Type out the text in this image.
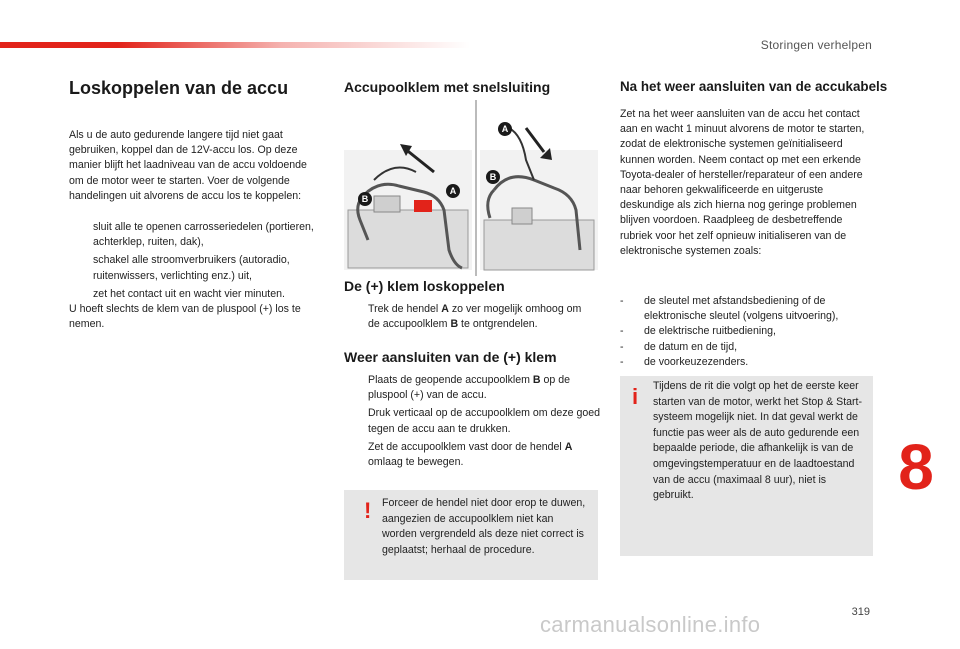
Storingen verhelpen
Loskoppelen van de accu

Als u de auto gedurende langere tijd niet gaat gebruiken, koppel dan de 12V-accu los. Op deze manier blijft het laadniveau van de accu voldoende om de motor weer te starten. Voer de volgende handelingen uit alvorens de accu los te koppelen:

sluit alle te openen carrosseriedelen (portieren, achterklep, ruiten, dak),
schakel alle stroomverbruikers (autoradio, ruitenwissers, verlichting enz.) uit,
zet het contact uit en wacht vier minuten.

U hoeft slechts de klem van de pluspool (+) los te nemen.

Accupoolklem met snelsluiting
A
B
A
B
De (+) klem loskoppelen
Trek de hendel A zo ver mogelijk omhoog om de accupoolklem B te ontgrendelen.
Weer aansluiten van de (+) klem
Plaats de geopende accupoolklem B op de pluspool (+) van de accu.
Druk verticaal op de accupoolklem om deze goed tegen de accu aan te drukken.
Zet de accupoolklem vast door de hendel A omlaag te bewegen.
! Forceer de hendel niet door erop te duwen, aangezien de accupoolklem niet kan worden vergrendeld als deze niet correct is geplaatst; herhaal de procedure.
Na het weer aansluiten van de accukabels

Zet na het weer aansluiten van de accu het contact aan en wacht 1 minuut alvorens de motor te starten, zodat de elektronische systemen geïnitialiseerd kunnen worden. Neem contact op met een erkende Toyota-dealer of hersteller/reparateur of een andere naar behoren gekwalificeerde en uitgeruste deskundige als zich hierna nog geringe problemen blijven voordoen. Raadpleeg de desbetreffende rubriek voor het zelf opnieuw initialiseren van de elektronische systemen zoals:

-	de sleutel met afstandsbediening of de elektronische sleutel (volgens uitvoering),
-	de elektrische ruitbediening,
-	de datum en de tijd,
-	de voorkeuzezenders.
i Tijdens de rit die volgt op het de eerste keer starten van de motor, werkt het Stop & Start-systeem mogelijk niet. In dat geval werkt de functie pas weer als de auto gedurende een bepaalde periode, die afhankelijk is van de omgevingstemperatuur en de laadtoestand van de accu (maximaal 8 uur), niet is gebruikt.	8
319
carmanualsonline.info
